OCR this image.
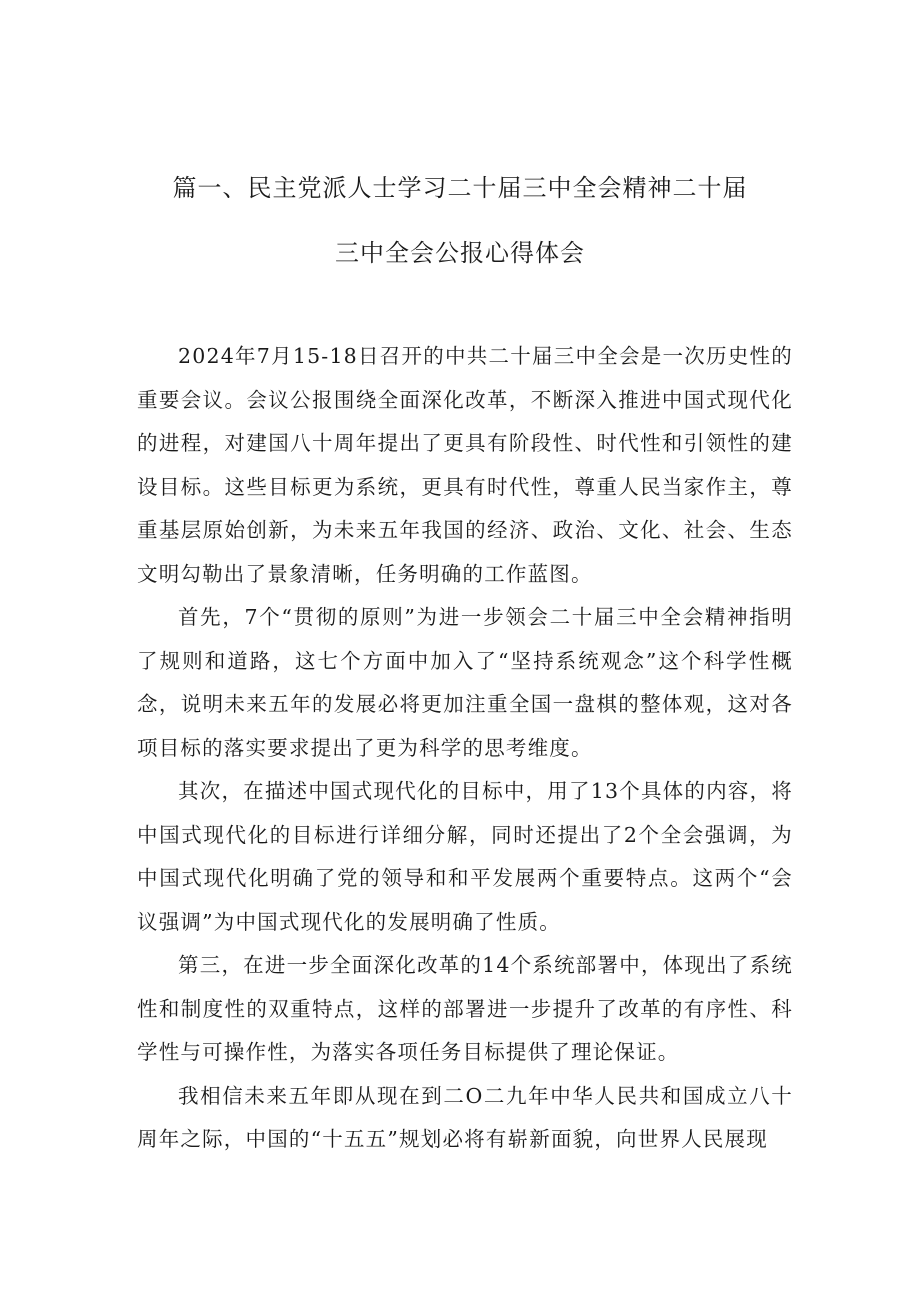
篇一、民主党派人士学习二十届三中全会精神二十届
三中全会公报心得体会

2024年7月15-18日召开的中共二十届三中全会是一次历史性的重要会议。会议公报围绕全面深化改革，不断深入推进中国式现代化的进程，对建国八十周年提出了更具有阶段性、时代性和引领性的建设目标。这些目标更为系统，更具有时代性，尊重人民当家作主，尊重基层原始创新，为未来五年我国的经济、政治、文化、社会、生态文明勾勒出了景象清晰，任务明确的工作蓝图。

首先，7个“贯彻的原则”为进一步领会二十届三中全会精神指明了规则和道路，这七个方面中加入了“坚持系统观念”这个科学性概念，说明未来五年的发展必将更加注重全国一盘棋的整体观，这对各项目标的落实要求提出了更为科学的思考维度。

其次，在描述中国式现代化的目标中，用了13个具体的内容，将中国式现代化的目标进行详细分解，同时还提出了2个全会强调，为中国式现代化明确了党的领导和和平发展两个重要特点。这两个“会议强调”为中国式现代化的发展明确了性质。

第三，在进一步全面深化改革的14个系统部署中，体现出了系统性和制度性的双重特点，这样的部署进一步提升了改革的有序性、科学性与可操作性，为落实各项任务目标提供了理论保证。

我相信未来五年即从现在到二O二九年中华人民共和国成立八十周年之际，中国的“十五五”规划必将有崭新面貌，向世界人民展现
